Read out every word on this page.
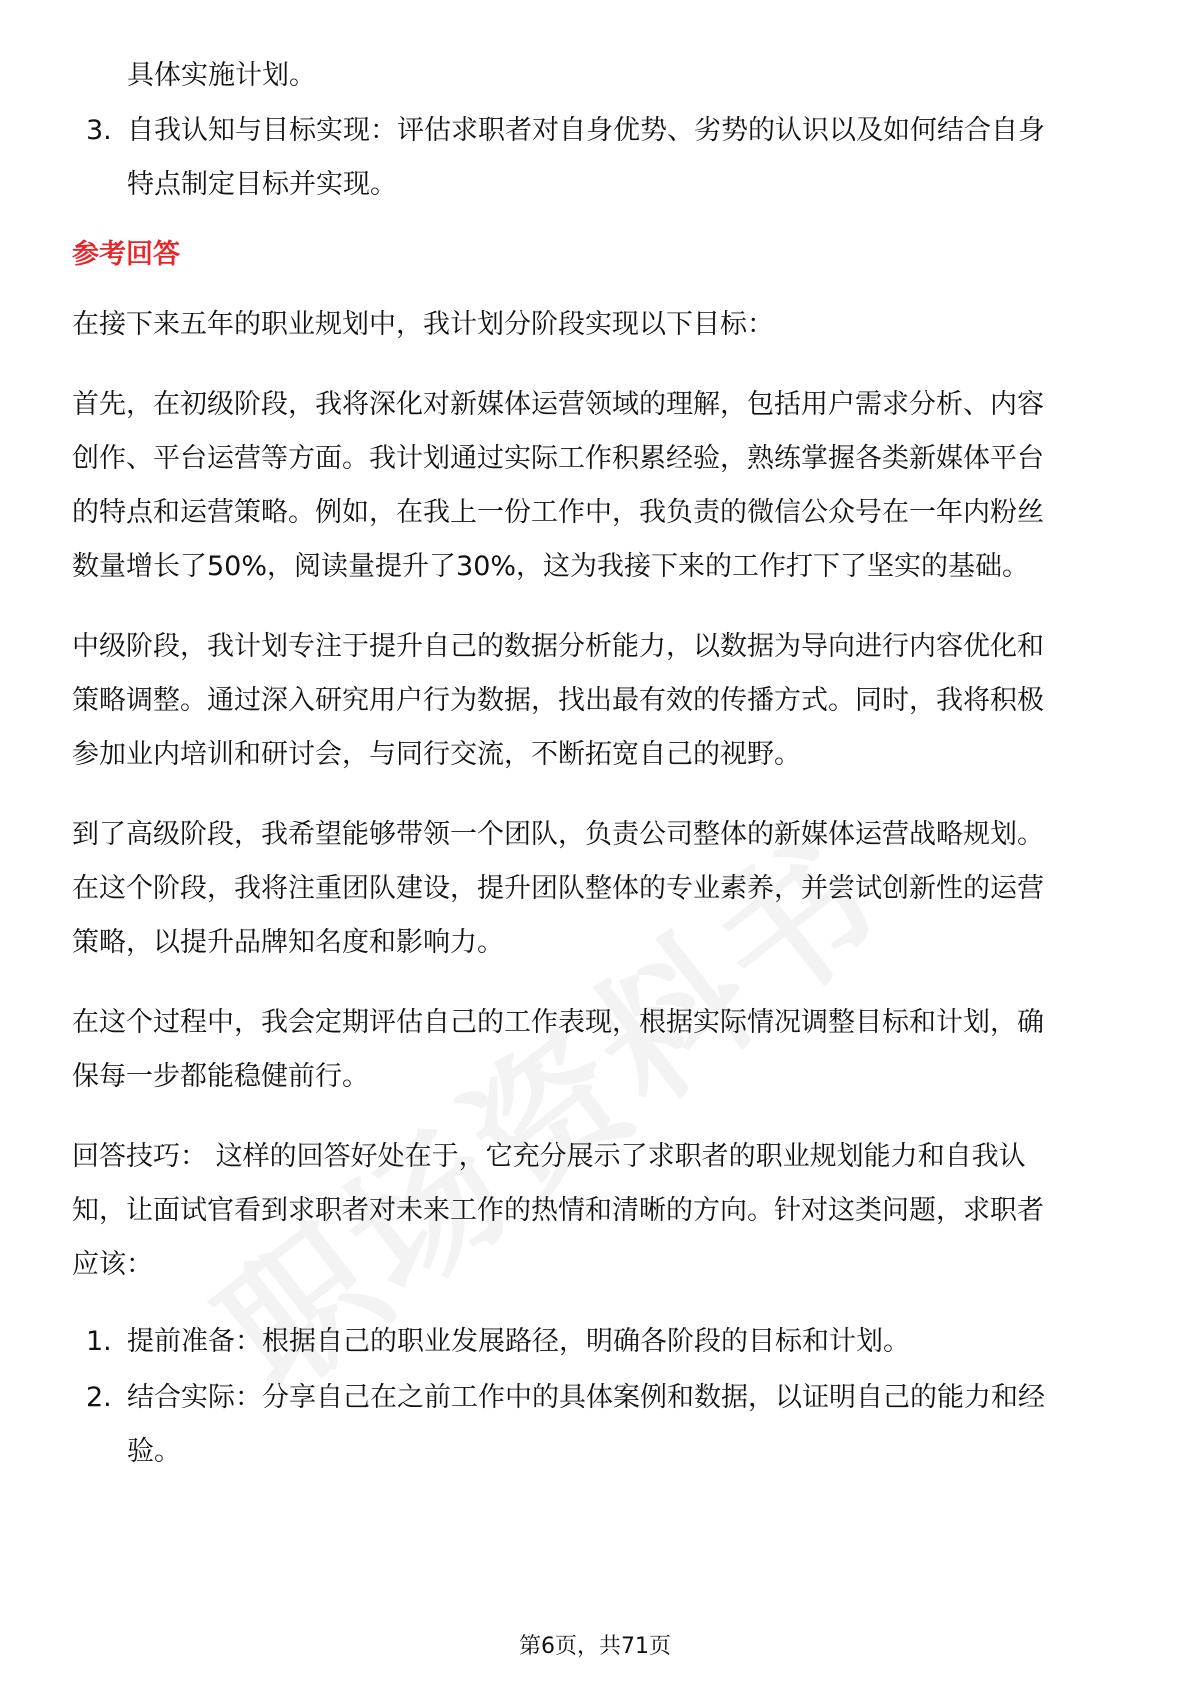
具体实施计划。
3. 自我认知与目标实现：评估求职者对自身优势、劣势的认识以及如何结合自身
特点制定目标并实现。
参考回答
在接下来五年的职业规划中，我计划分阶段实现以下目标：
首先，在初级阶段，我将深化对新媒体运营领域的理解，包括用户需求分析、内容
创作、平台运营等方面。我计划通过实际工作积累经验，熟练掌握各类新媒体平台
的特点和运营策略。例如，在我上一份工作中，我负责的微信公众号在一年内粉丝
数量增长了50%，阅读量提升了30%，这为我接下来的工作打下了坚实的基础。
中级阶段，我计划专注于提升自己的数据分析能力，以数据为导向进行内容优化和
策略调整。通过深入研究用户行为数据，找出最有效的传播方式。同时，我将积极
参加业内培训和研讨会，与同行交流，不断拓宽自己的视野。
到了高级阶段，我希望能够带领一个团队，负责公司整体的新媒体运营战略规划。
在这个阶段，我将注重团队建设，提升团队整体的专业素养，并尝试创新性的运营
策略，以提升品牌知名度和影响力。
在这个过程中，我会定期评估自己的工作表现，根据实际情况调整目标和计划，确
保每一步都能稳健前行。
回答技巧： 这样的回答好处在于，它充分展示了求职者的职业规划能力和自我认
知，让面试官看到求职者对未来工作的热情和清晰的方向。针对这类问题，求职者
应该：
1. 提前准备：根据自己的职业发展路径，明确各阶段的目标和计划。
2. 结合实际：分享自己在之前工作中的具体案例和数据，以证明自己的能力和经
验。
第6页，共71页
